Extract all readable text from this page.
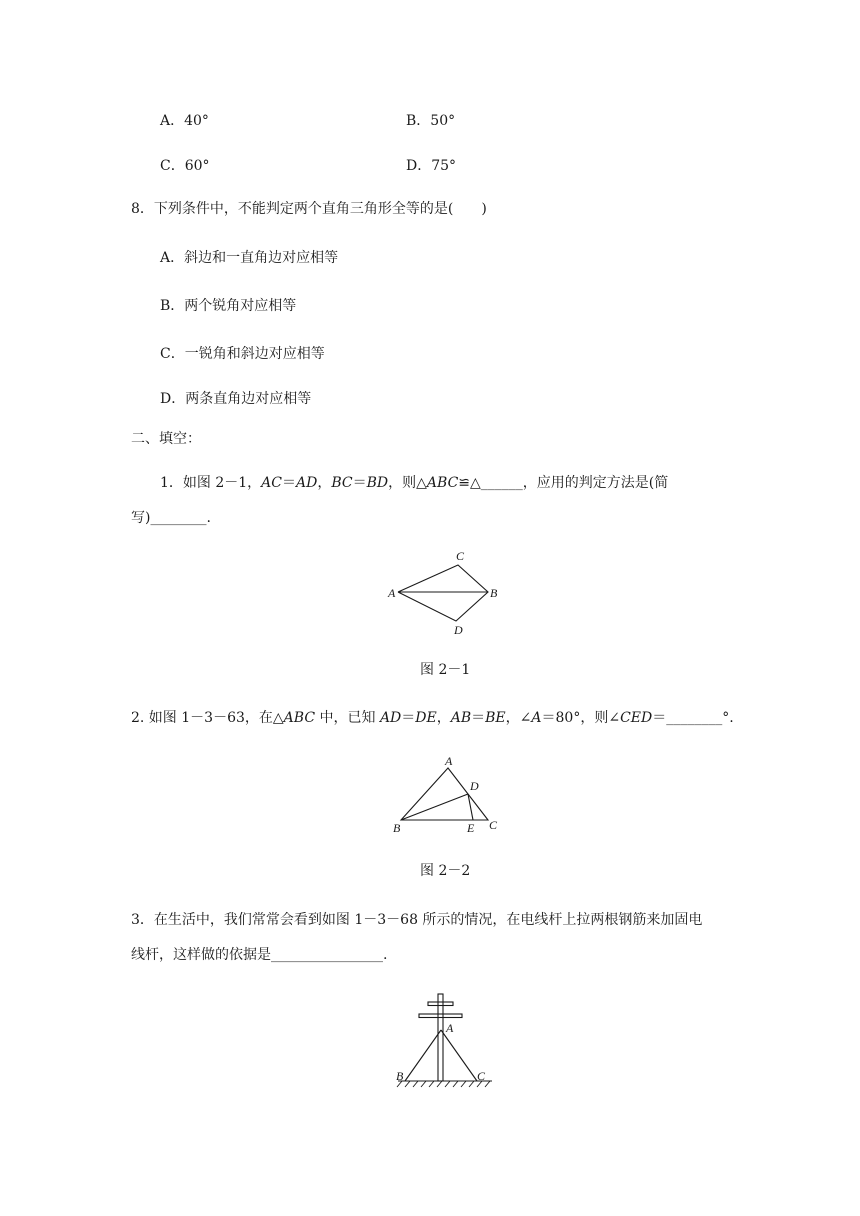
A．40°	B．50°
C．60°	D．75°
8．下列条件中，不能判定两个直角三角形全等的是(　　)
A．斜边和一直角边对应相等
B．两个锐角对应相等
C．一锐角和斜边对应相等
D．两条直角边对应相等
二、填空：
1．如图 2－1，AC＝AD，BC＝BD，则△ABC≌△______，应用的判定方法是(简
写)________.
A	B
C
D
图 2－1
2. 如图 1－3－63，在△ABC 中，已知 AD＝DE，AB＝BE，∠A＝80°，则∠CED＝________°.
A
D
B	E C
图 2－2
3．在生活中，我们常常会看到如图 1－3－68 所示的情况，在电线杆上拉两根钢筋来加固电
线杆，这样做的依据是________________.
A
B	C
